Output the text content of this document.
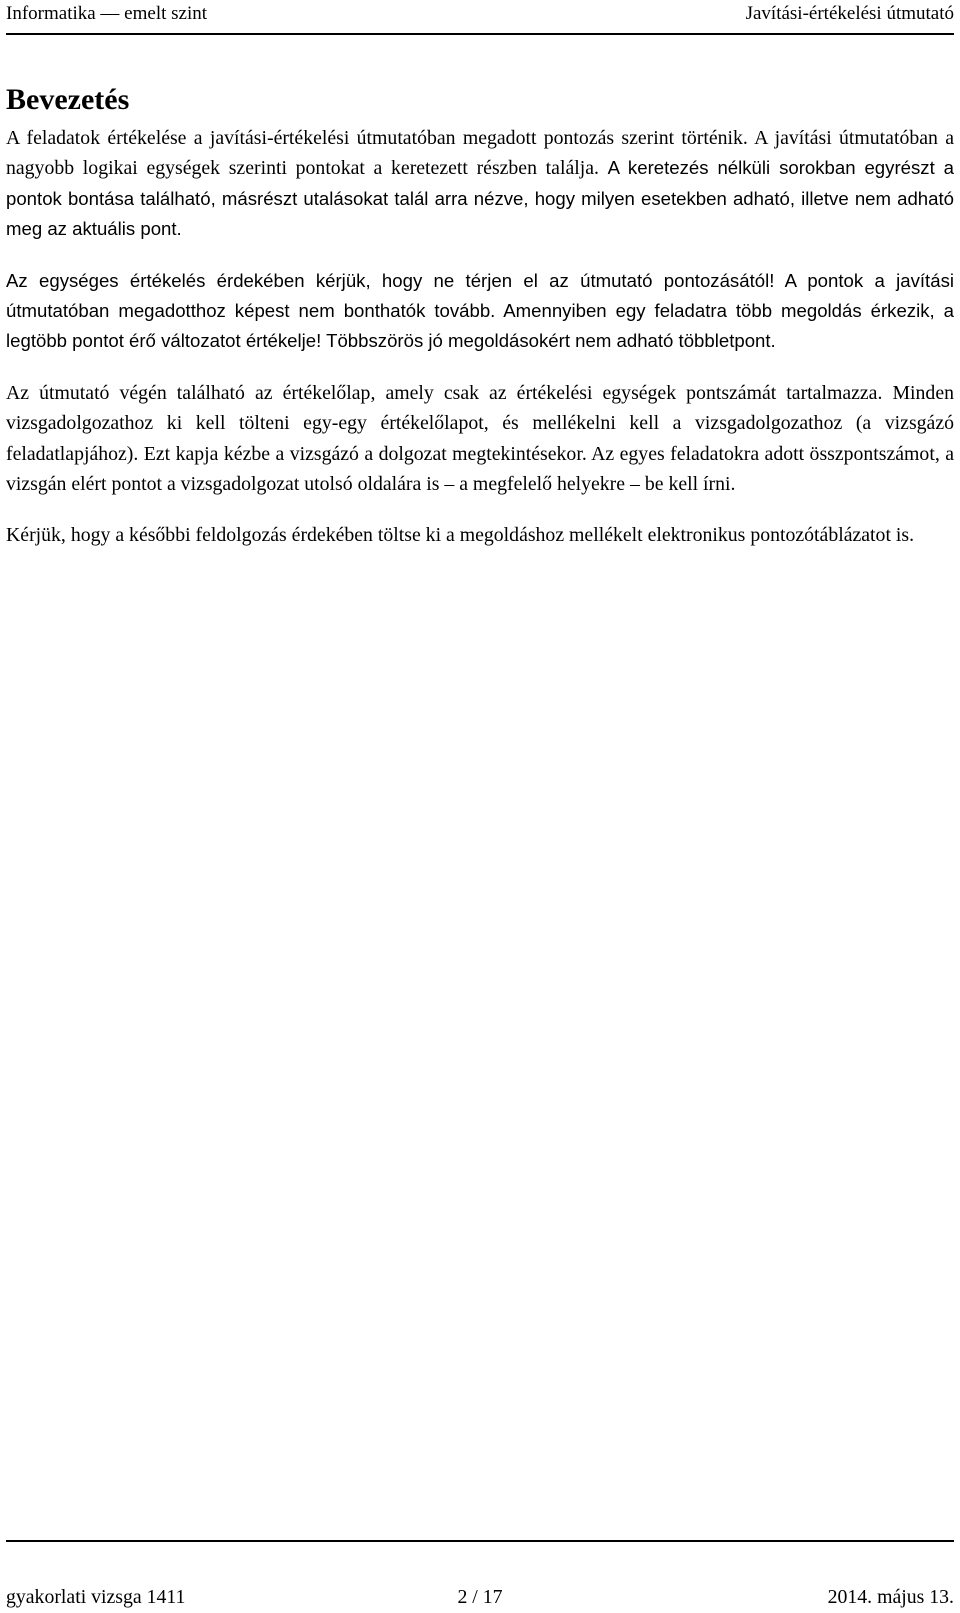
Informatika — emelt szint	Javítási-értékelési útmutató
Bevezetés

A feladatok értékelése a javítási-értékelési útmutatóban megadott pontozás szerint történik. A javítási útmutatóban a nagyobb logikai egységek szerinti pontokat a keretezett részben találja. A keretezés nélküli sorokban egyrészt a pontok bontása található, másrészt utalásokat talál arra nézve, hogy milyen esetekben adható, illetve nem adható meg az aktuális pont.

Az egységes értékelés érdekében kérjük, hogy ne térjen el az útmutató pontozásától! A pontok a javítási útmutatóban megadotthoz képest nem bonthatók tovább. Amennyiben egy feladatra több megoldás érkezik, a legtöbb pontot érő változatot értékelje! Többszörös jó megoldásokért nem adható többletpont.

Az útmutató végén található az értékelőlap, amely csak az értékelési egységek pontszámát tartalmazza. Minden vizsgadolgozathoz ki kell tölteni egy-egy értékelőlapot, és mellékelni kell a vizsgadolgozathoz (a vizsgázó feladatlapjához). Ezt kapja kézbe a vizsgázó a dolgozat megtekintésekor. Az egyes feladatokra adott összpontszámot, a vizsgán elért pontot a vizsgadolgozat utolsó oldalára is – a megfelelő helyekre – be kell írni.

Kérjük, hogy a későbbi feldolgozás érdekében töltse ki a megoldáshoz mellékelt elektronikus pontozótáblázatot is.

gyakorlati vizsga 1411	2 / 17	2014. május 13.
